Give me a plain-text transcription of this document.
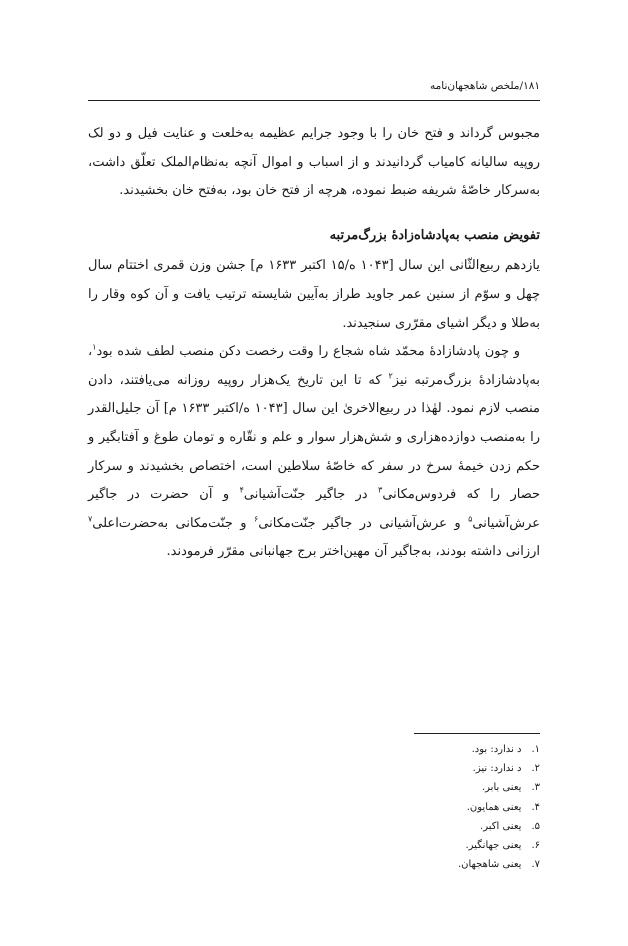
۱۸۱/ملخص شاهجهان‌نامه

مجبوس گرداند و فتح خان را با وجود جرایم عظیمه به‌خلعت و عنایت فیل و دو لک روپیه سالیانه کامیاب گردانیدند و از اسباب و اموال آنچه به‌نظام‌الملک تعلّق داشت، به‌سرکار خاصّهٔ شریفه ضبط نموده، هرچه از فتح خان بود، به‌فتح خان بخشیدند.

تفویض منصب به‌پادشاه‌زادهٔ بزرگ‌مرتبه

یازدهم ربیع‌الثّانی این سال [۱۰۴۳ ه/۱۵ اکتبر ۱۶۳۳ م] جشن وزن قمری اختتام سال چهل و سوّم از سنین عمر جاوید طراز به‌آیین شایسته ترتیب یافت و آن کوه وقار را به‌طلا و دیگر اشیای مقرّری سنجیدند.

و چون پادشازادهٔ محمّد شاه شجاع را وقت رخصت دکن منصب لطف شده بود$^۱$، به‌پادشازادهٔ بزرگ‌مرتبه نیز$^۲$ که تا این تاریخ یک‌هزار روپیه روزانه می‌یافتند، دادن منصب لازم نمود. لهٰذا در ربیع‌الاخریٰ این سال [۱۰۴۳ ه/اکتبر ۱۶۳۳ م] آن جلیل‌القدر را به‌منصب دوازده‌هزاری و شش‌هزار سوار و علم و نقّاره و تومان طوغ و آفتابگیر و حکم زدن خیمهٔ سرخ در سفر که خاصّهٔ سلاطین است، اختصاص بخشیدند و سرکار حصار را که فردوس‌مکانی$^۳$ در جاگیر جنّت‌آشیانی$^۴$ و آن حضرت در جاگیر عرش‌آشیانی$^۵$ و عرش‌آشیانی در جاگیر جنّت‌مکانی$^۶$ و جنّت‌مکانی به‌حضرت‌اعلی$^۷$ ارزانی داشته بودند، به‌جاگیر آن مهین‌اختر برج جهانبانی مقرّر فرمودند.

۱.د ندارد: بود.
۲.د ندارد: نیز.
۳.یعنی بابر.
۴.یعنی همایون.
۵.یعنی اکبر.
۶.یعنی جهانگیر.
۷.یعنی شاهجهان.
